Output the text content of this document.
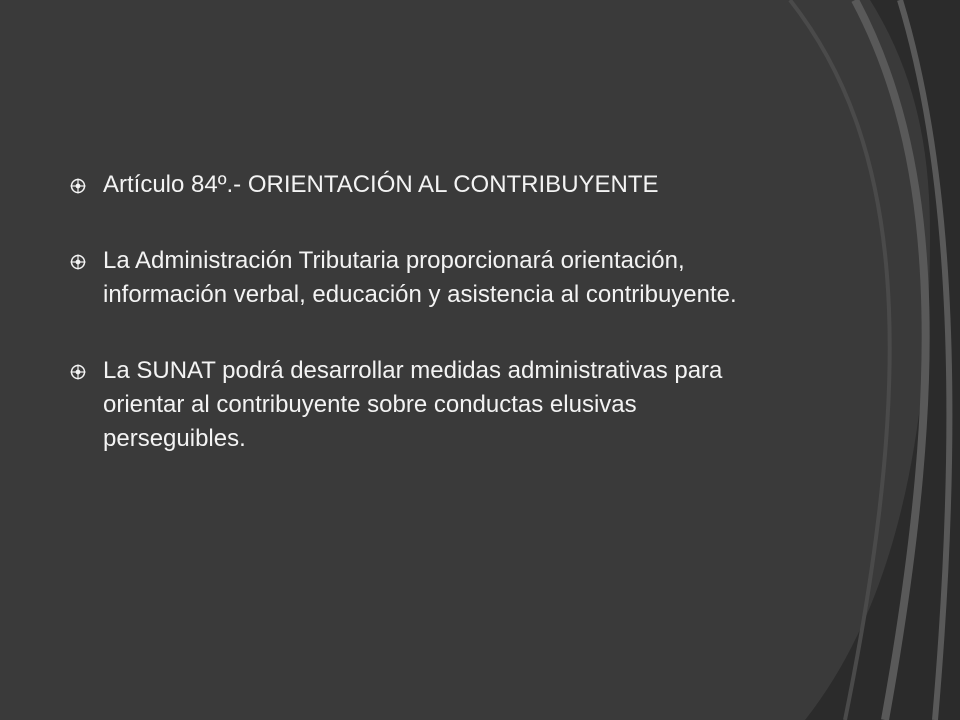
Artículo 84º.- ORIENTACIÓN AL CONTRIBUYENTE
La Administración Tributaria proporcionará orientación, información verbal, educación y asistencia al contribuyente.
La SUNAT podrá desarrollar medidas administrativas para orientar al contribuyente sobre conductas elusivas perseguibles.
